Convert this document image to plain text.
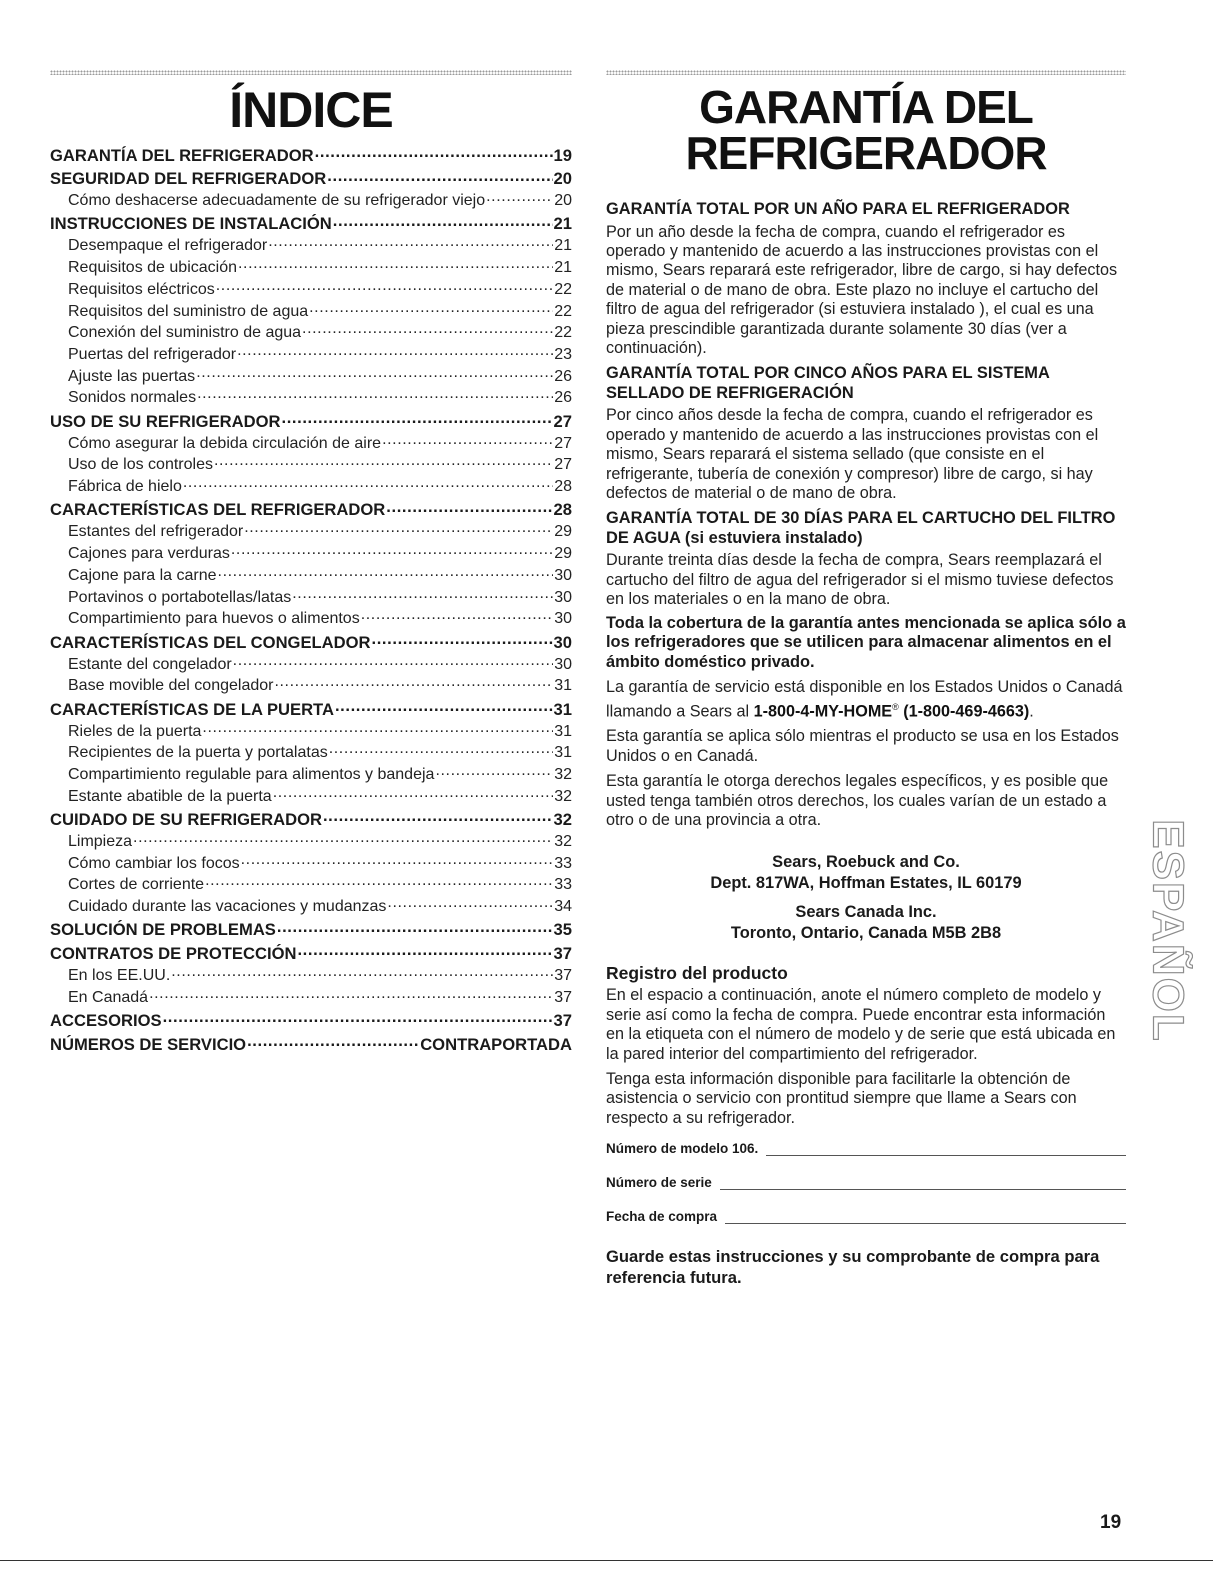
ÍNDICE
GARANTÍA DEL REFRIGERADOR .....	19
SEGURIDAD DEL REFRIGERADOR .....	20
Cómo deshacerse adecuadamente de su refrigerador viejo .....	20
INSTRUCCIONES DE INSTALACIÓN .....	21
Desempaque el refrigerador .....	21
Requisitos de ubicación .....	21
Requisitos eléctricos .....	22
Requisitos del suministro de agua .....	22
Conexión del suministro de agua .....	22
Puertas del refrigerador .....	23
Ajuste las puertas .....	26
Sonidos normales .....	26
USO DE SU REFRIGERADOR .....	27
Cómo asegurar la debida circulación de aire .....	27
Uso de los controles .....	27
Fábrica de hielo .....	28
CARACTERÍSTICAS DEL REFRIGERADOR .....	28
Estantes del refrigerador .....	29
Cajones para verduras .....	29
Cajone para la carne .....	30
Portavinos o portabotellas/latas .....	30
Compartimiento para huevos o alimentos .....	30
CARACTERÍSTICAS DEL CONGELADOR .....	30
Estante del congelador .....	30
Base movible del congelador .....	31
CARACTERÍSTICAS DE LA PUERTA .....	31
Rieles de la puerta .....	31
Recipientes de la puerta y portalatas .....	31
Compartimiento regulable para alimentos y bandeja .....	32
Estante abatible de la puerta .....	32
CUIDADO DE SU REFRIGERADOR .....	32
Limpieza .....	32
Cómo cambiar los focos .....	33
Cortes de corriente .....	33
Cuidado durante las vacaciones y mudanzas .....	34
SOLUCIÓN DE PROBLEMAS .....	35
CONTRATOS DE PROTECCIÓN .....	37
En los EE.UU. .....	37
En Canadá .....	37
ACCESORIOS .....	37
NÚMEROS DE SERVICIO .....	CONTRAPORTADA
GARANTÍA DEL
REFRIGERADOR
GARANTÍA TOTAL POR UN AÑO PARA EL REFRIGERADOR

Por un año desde la fecha de compra, cuando el refrigerador es operado y mantenido de acuerdo a las instrucciones provistas con el mismo, Sears reparará este refrigerador, libre de cargo, si hay defectos de material o de mano de obra. Este plazo no incluye el cartucho del filtro de agua del refrigerador (si estuviera instalado ), el cual es una pieza prescindible garantizada durante solamente 30 días (ver a continuación).

GARANTÍA TOTAL POR CINCO AÑOS PARA EL SISTEMA SELLADO DE REFRIGERACIÓN

Por cinco años desde la fecha de compra, cuando el refrigerador es operado y mantenido de acuerdo a las instrucciones provistas con el mismo, Sears reparará el sistema sellado (que consiste en el refrigerante, tubería de conexión y compresor) libre de cargo, si hay defectos de material o de mano de obra.

GARANTÍA TOTAL DE 30 DÍAS PARA EL CARTUCHO DEL FILTRO DE AGUA (si estuviera instalado)

Durante treinta días desde la fecha de compra, Sears reemplazará el cartucho del filtro de agua del refrigerador si el mismo tuviese defectos en los materiales o en la mano de obra.

Toda la cobertura de la garantía antes mencionada se aplica sólo a los refrigeradores que se utilicen para almacenar alimentos en el ámbito doméstico privado.

La garantía de servicio está disponible en los Estados Unidos o Canadá llamando a Sears al 1-800-4-MY-HOME® (1-800-469-4663).

Esta garantía se aplica sólo mientras el producto se usa en los Estados Unidos o en Canadá.

Esta garantía le otorga derechos legales específicos, y es posible que usted tenga también otros derechos, los cuales varían de un estado a otro o de una provincia a otra.

Sears, Roebuck and Co.
Dept. 817WA, Hoffman Estates, IL 60179
Sears Canada Inc.
Toronto, Ontario, Canada M5B 2B8
Registro del producto

En el espacio a continuación, anote el número completo de modelo y serie así como la fecha de compra. Puede encontrar esta información en la etiqueta con el número de modelo y de serie que está ubicada en la pared interior del compartimiento del refrigerador.

Tenga esta información disponible para facilitarle la obtención de asistencia o servicio con prontitud siempre que llame a Sears con respecto a su refrigerador.

Número de modelo 106.
Número de serie
Fecha de compra
Guarde estas instrucciones y su comprobante de compra para referencia futura.
ESPAÑOL
19
